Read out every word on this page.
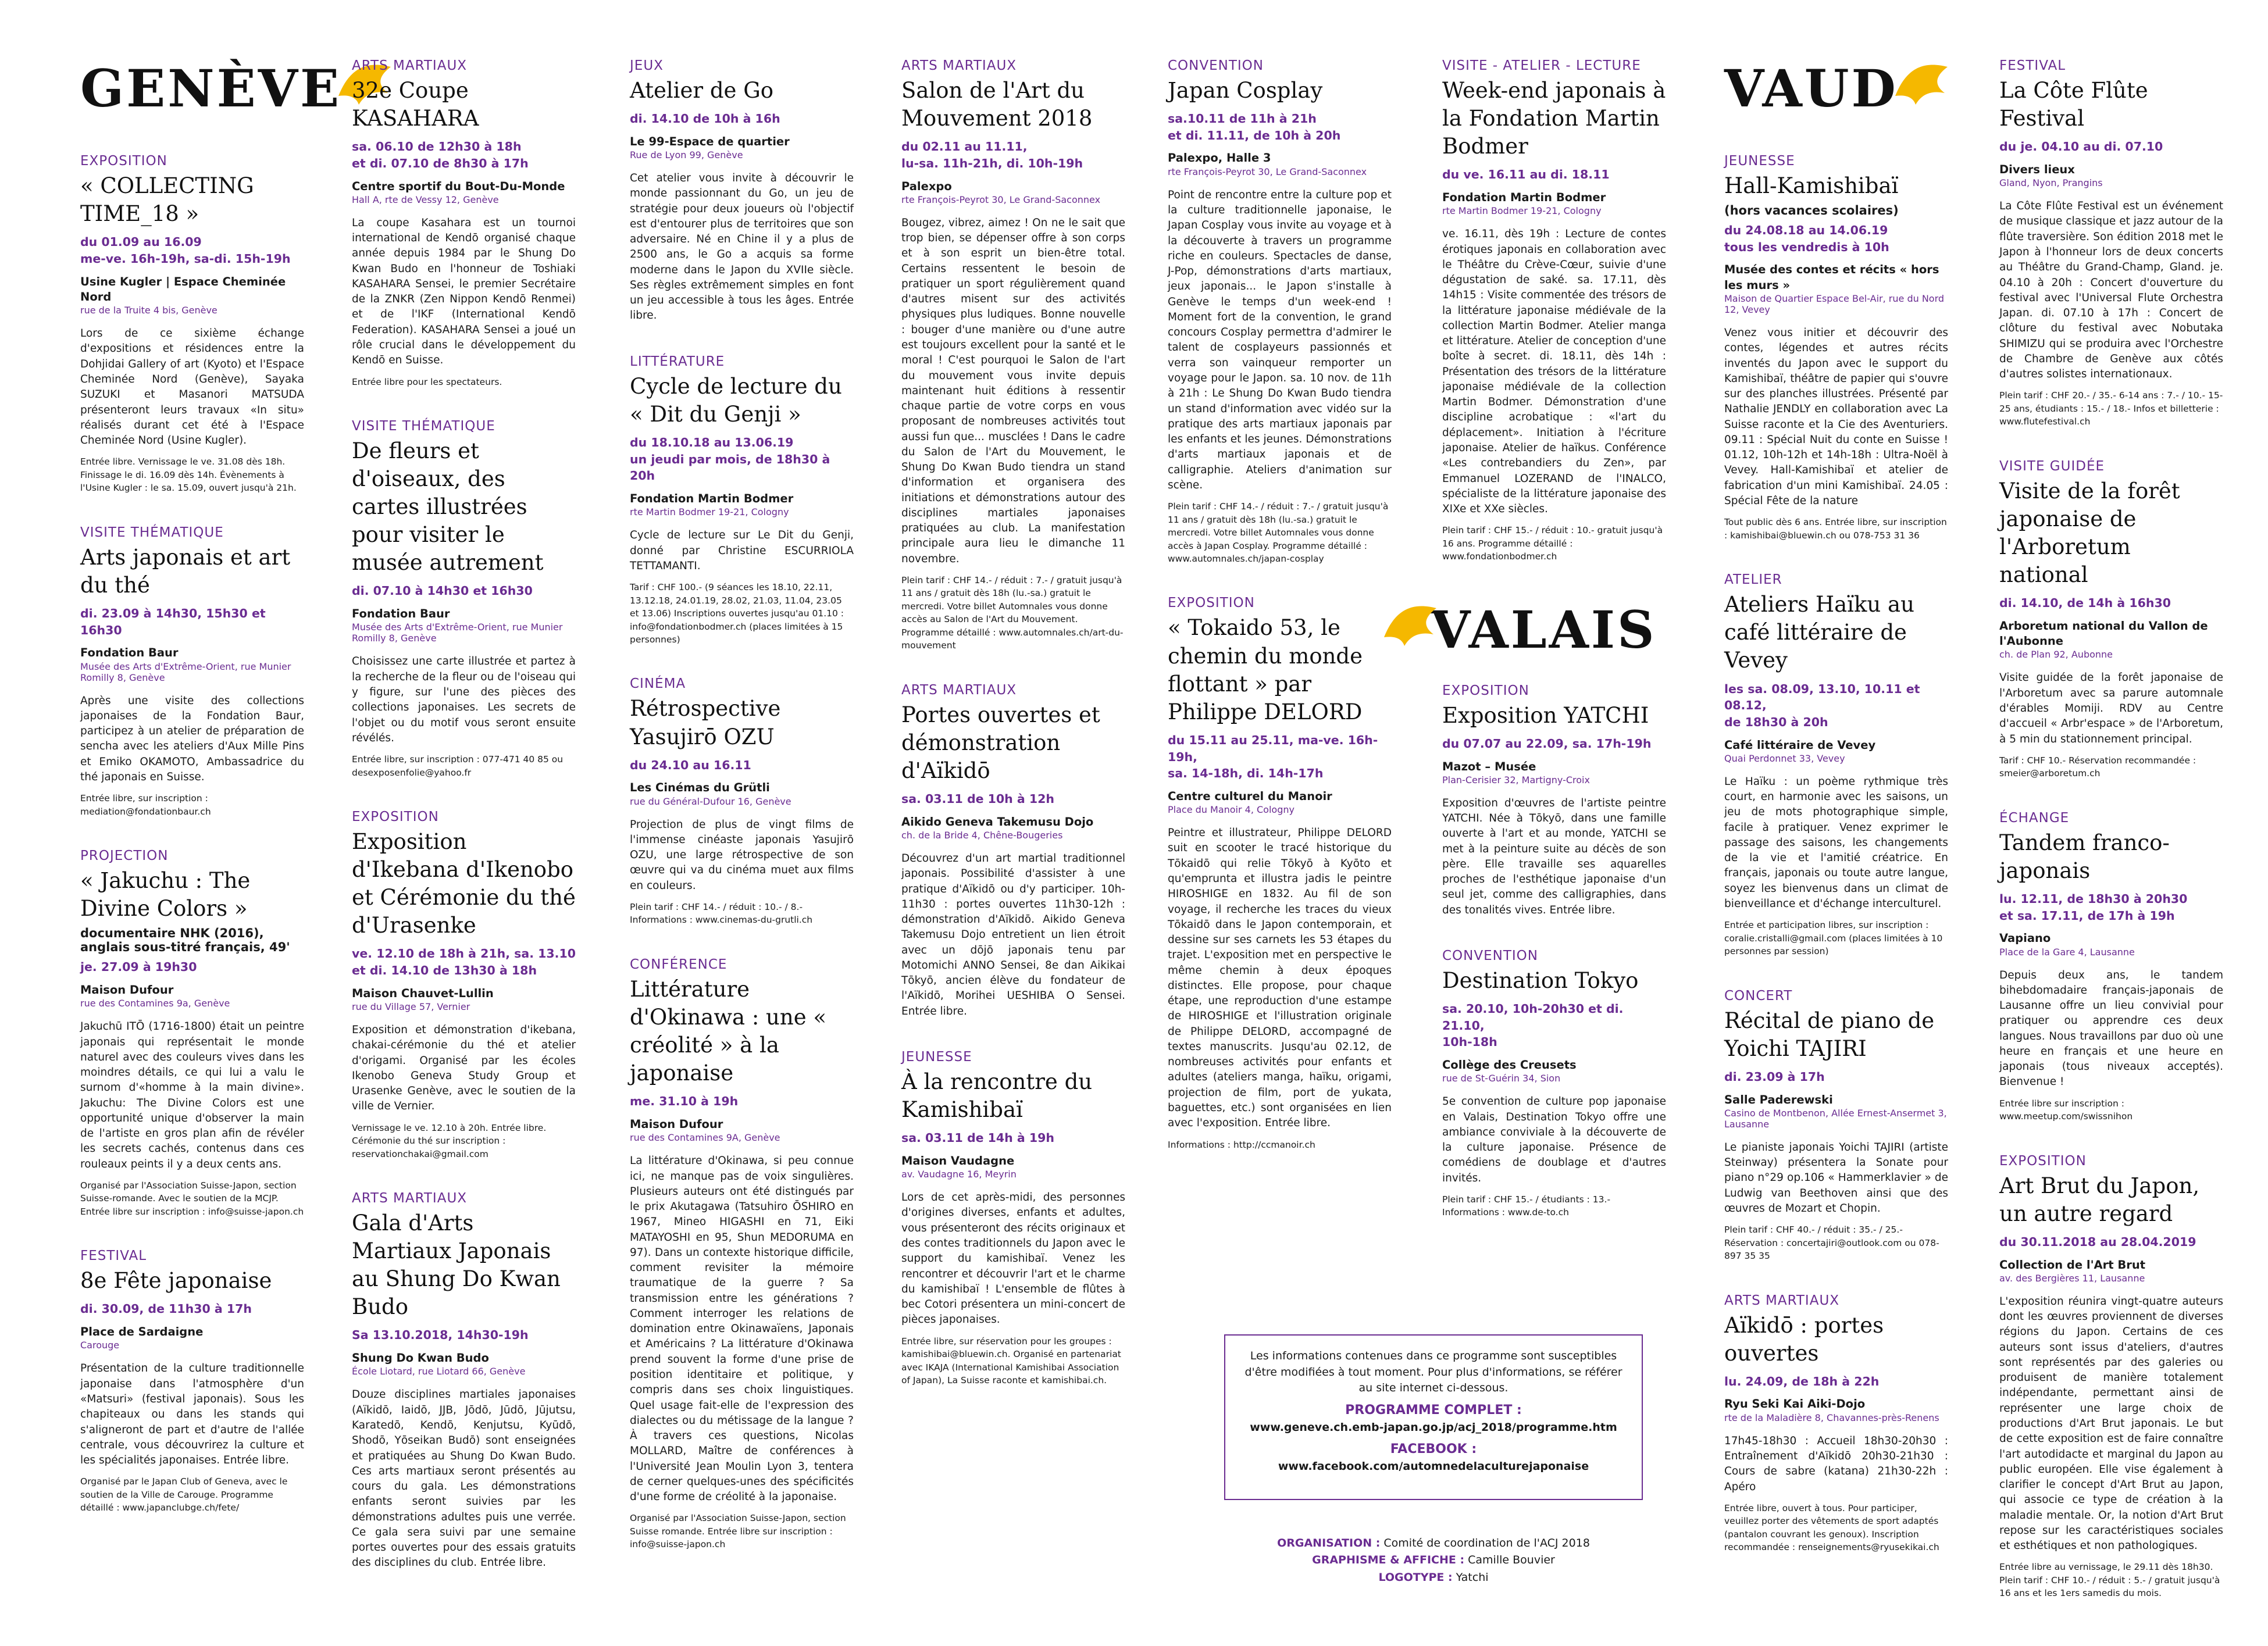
GENÈVE
EXPOSITION
« COLLECTING TIME_18 »
du 01.09 au 16.09
me-ve. 16h-19h, sa-di. 15h-19h
Usine Kugler | Espace Cheminée Nord
rue de la Truite 4 bis, Genève
Lors de ce sixième échange d'expositions et résidences entre la Dohjidai Gallery of art (Kyoto) et l'Espace Cheminée Nord (Genève), Sayaka SUZUKI et Masanori MATSUDA présenteront leurs travaux «In situ» réalisés durant cet été à l'Espace Cheminée Nord (Usine Kugler).
Entrée libre. Vernissage le ve. 31.08 dès 18h. Finissage le di. 16.09 dès 14h. Évènements à l'Usine Kugler : le sa. 15.09, ouvert jusqu'à 21h.
VISITE THÉMATIQUE
Arts japonais et art du thé
di. 23.09 à 14h30, 15h30 et 16h30
Fondation Baur
Musée des Arts d'Extrême-Orient, rue Munier Romilly 8, Genève
Après une visite des collections japonaises de la Fondation Baur, participez à un atelier de préparation de sencha avec les ateliers d'Aux Mille Pins et Emiko OKAMOTO, Ambassadrice du thé japonais en Suisse.
Entrée libre, sur inscription :
mediation@fondationbaur.ch
PROJECTION
« Jakuchu : The Divine Colors »
documentaire NHK (2016), anglais sous-titré français, 49'
je. 27.09 à 19h30
Maison Dufour
rue des Contamines 9a, Genève
Jakuchū ITŌ (1716-1800) était un peintre japonais qui représentait le monde naturel avec des couleurs vives dans les moindres détails, ce qui lui a valu le surnom d'«homme à la main divine». Jakuchu: The Divine Colors est une opportunité unique d'observer la main de l'artiste en gros plan afin de révéler les secrets cachés, contenus dans ces rouleaux peints il y a deux cents ans.
Organisé par l'Association Suisse-Japon, section Suisse-romande. Avec le soutien de la MCJP. Entrée libre sur inscription : info@suisse-japon.ch
FESTIVAL
8e Fête japonaise
di. 30.09, de 11h30 à 17h
Place de Sardaigne
Carouge
Présentation de la culture traditionnelle japonaise dans l'atmosphère d'un «Matsuri» (festival japonais). Sous les chapiteaux ou dans les stands qui s'aligneront de part et d'autre de l'allée centrale, vous découvrirez la culture et les spécialités japonaises. Entrée libre.
Organisé par le Japan Club of Geneva, avec le soutien de la Ville de Carouge. Programme détaillé : www.japanclubge.ch/fete/
ARTS MARTIAUX
32e Coupe KASAHARA
sa. 06.10 de 12h30 à 18h
et di. 07.10 de 8h30 à 17h
Centre sportif du Bout-Du-Monde
Hall A, rte de Vessy 12, Genève
La coupe Kasahara est un tournoi international de Kendō organisé chaque année depuis 1984 par le Shung Do Kwan Budo en l'honneur de Toshiaki KASAHARA Sensei, le premier Secrétaire de la ZNKR (Zen Nippon Kendō Renmei) et de l'IKF (International Kendō Federation). KASAHARA Sensei a joué un rôle crucial dans le développement du Kendō en Suisse.
Entrée libre pour les spectateurs.
VISITE THÉMATIQUE
De fleurs et d'oiseaux, des cartes illustrées pour visiter le musée autrement
di. 07.10 à 14h30 et 16h30
Fondation Baur
Musée des Arts d'Extrême-Orient, rue Munier Romilly 8, Genève
Choisissez une carte illustrée et partez à la recherche de la fleur ou de l'oiseau qui y figure, sur l'une des pièces des collections japonaises. Les secrets de l'objet ou du motif vous seront ensuite révélés.
Entrée libre, sur inscription : 077-471 40 85 ou desexposenfolie@yahoo.fr
EXPOSITION
Exposition d'Ikebana d'Ikenobo et Cérémonie du thé d'Urasenke
ve. 12.10 de 18h à 21h, sa. 13.10 et di. 14.10 de 13h30 à 18h
Maison Chauvet-Lullin
rue du Village 57, Vernier
Exposition et démonstration d'ikebana, chakai-cérémonie du thé et atelier d'origami. Organisé par les écoles Ikenobo Geneva Study Group et Urasenke Genève, avec le soutien de la ville de Vernier.
Vernissage le ve. 12.10 à 20h. Entrée libre. Cérémonie du thé sur inscription : reservationchakai@gmail.com
ARTS MARTIAUX
Gala d'Arts Martiaux Japonais au Shung Do Kwan Budo
Sa 13.10.2018, 14h30-19h
Shung Do Kwan Budo
École Liotard, rue Liotard 66, Genève
Douze disciplines martiales japonaises (Aïkidō, Iaidō, JJB, Jōdō, Jūdō, Jūjutsu, Karatedō, Kendō, Kenjutsu, Kyūdō, Shodō, Yōseikan Budō) sont enseignées et pratiquées au Shung Do Kwan Budo. Ces arts martiaux seront présentés au cours du gala. Les démonstrations enfants seront suivies par les démonstrations adultes puis une verrée. Ce gala sera suivi par une semaine portes ouvertes pour des essais gratuits des disciplines du club. Entrée libre.
JEUX
Atelier de Go
di. 14.10 de 10h à 16h
Le 99-Espace de quartier
Rue de Lyon 99, Genève
Cet atelier vous invite à découvrir le monde passionnant du Go, un jeu de stratégie pour deux joueurs où l'objectif est d'entourer plus de territoires que son adversaire. Né en Chine il y a plus de 2500 ans, le Go a acquis sa forme moderne dans le Japon du XVIIe siècle. Ses règles extrêmement simples en font un jeu accessible à tous les âges. Entrée libre.
LITTÉRATURE
Cycle de lecture du « Dit du Genji »
du 18.10.18 au 13.06.19
un jeudi par mois, de 18h30 à 20h
Fondation Martin Bodmer
rte Martin Bodmer 19-21, Cologny
Cycle de lecture sur Le Dit du Genji, donné par Christine ESCURRIOLA TETTAMANTI.
Tarif : CHF 100.- (9 séances les 18.10, 22.11, 13.12.18, 24.01.19, 28.02, 21.03, 11.04, 23.05 et 13.06) Inscriptions ouvertes jusqu'au 01.10 : info@fondationbodmer.ch (places limitées à 15 personnes)
CINÉMA
Rétrospective Yasujirō OZU
du 24.10 au 16.11
Les Cinémas du Grütli
rue du Général-Dufour 16, Genève
Projection de plus de vingt films de l'immense cinéaste japonais Yasujirō OZU, une large rétrospective de son œuvre qui va du cinéma muet aux films en couleurs.
Plein tarif : CHF 14.- / réduit : 10.- / 8.- Informations : www.cinemas-du-grutli.ch
CONFÉRENCE
Littérature d'Okinawa : une « créolité » à la japonaise
me. 31.10 à 19h
Maison Dufour
rue des Contamines 9A, Genève
La littérature d'Okinawa, si peu connue ici, ne manque pas de voix singulières. Plusieurs auteurs ont été distingués par le prix Akutagawa (Tatsuhiro ŌSHIRO en 1967, Mineo HIGASHI en 71, Eiki MATAYOSHI en 95, Shun MEDORUMA en 97). Dans un contexte historique difficile, comment revisiter la mémoire traumatique de la guerre ? Sa transmission entre les générations ? Comment interroger les relations de domination entre Okinawaïens, Japonais et Américains ? La littérature d'Okinawa prend souvent la forme d'une prise de position identitaire et politique, y compris dans ses choix linguistiques. Quel usage fait-elle de l'expression des dialectes ou du métissage de la langue ? À travers ces questions, Nicolas MOLLARD, Maître de conférences à l'Université Jean Moulin Lyon 3, tentera de cerner quelques-unes des spécificités d'une forme de créolité à la japonaise.
Organisé par l'Association Suisse-Japon, section Suisse romande. Entrée libre sur inscription : info@suisse-japon.ch
ARTS MARTIAUX
Salon de l'Art du Mouvement 2018
du 02.11 au 11.11,
lu-sa. 11h-21h, di. 10h-19h
Palexpo
rte François-Peyrot 30, Le Grand-Saconnex
Bougez, vibrez, aimez ! On ne le sait que trop bien, se dépenser offre à son corps et à son esprit un bien-être total. Certains ressentent le besoin de pratiquer un sport régulièrement quand d'autres misent sur des activités physiques plus ludiques. Bonne nouvelle : bouger d'une manière ou d'une autre est toujours excellent pour la santé et le moral ! C'est pourquoi le Salon de l'art du mouvement vous invite depuis maintenant huit éditions à ressentir chaque partie de votre corps en vous proposant de nombreuses activités tout aussi fun que... musclées ! Dans le cadre du Salon de l'Art du Mouvement, le Shung Do Kwan Budo tiendra un stand d'information et organisera des initiations et démonstrations autour des disciplines martiales japonaises pratiquées au club. La manifestation principale aura lieu le dimanche 11 novembre.
Plein tarif : CHF 14.- / réduit : 7.- / gratuit jusqu'à 11 ans / gratuit dès 18h (lu.-sa.) gratuit le mercredi. Votre billet Automnales vous donne accès au Salon de l'Art du Mouvement. Programme détaillé : www.automnales.ch/art-du-mouvement
ARTS MARTIAUX
Portes ouvertes et démonstration d'Aïkidō
sa. 03.11 de 10h à 12h
Aikido Geneva Takemusu Dojo
ch. de la Bride 4, Chêne-Bougeries
Découvrez d'un art martial traditionnel japonais. Possibilité d'assister à une pratique d'Aïkidō ou d'y participer. 10h-11h30 : portes ouvertes 11h30-12h : démonstration d'Aïkidō. Aikido Geneva Takemusu Dojo entretient un lien étroit avec un dōjō japonais tenu par Motomichi ANNO Sensei, 8e dan Aikikai Tōkyō, ancien élève du fondateur de l'Aïkidō, Morihei UESHIBA O Sensei. Entrée libre.
JEUNESSE
À la rencontre du Kamishibaï
sa. 03.11 de 14h à 19h
Maison Vaudagne
av. Vaudagne 16, Meyrin
Lors de cet après-midi, des personnes d'origines diverses, enfants et adultes, vous présenteront des récits originaux et des contes traditionnels du Japon avec le support du kamishibaï. Venez les rencontrer et découvrir l'art et le charme du kamishibaï ! L'ensemble de flûtes à bec Cotori présentera un mini-concert de pièces japonaises.
Entrée libre, sur réservation pour les groupes : kamishibai@bluewin.ch. Organisé en partenariat avec IKAJA (International Kamishibai Association of Japan), La Suisse raconte et kamishibai.ch.
CONVENTION
Japan Cosplay
sa.10.11 de 11h à 21h
et di. 11.11, de 10h à 20h
Palexpo, Halle 3
rte François-Peyrot 30, Le Grand-Saconnex
Point de rencontre entre la culture pop et la culture traditionnelle japonaise, le Japan Cosplay vous invite au voyage et à la découverte à travers un programme riche en couleurs. Spectacles de danse, J-Pop, démonstrations d'arts martiaux, jeux japonais... le Japon s'installe à Genève le temps d'un week-end ! Moment fort de la convention, le grand concours Cosplay permettra d'admirer le talent de cosplayeurs passionnés et verra son vainqueur remporter un voyage pour le Japon. sa. 10 nov. de 11h à 21h : Le Shung Do Kwan Budo tiendra un stand d'information avec vidéo sur la pratique des arts martiaux japonais par les enfants et les jeunes. Démonstrations d'arts martiaux japonais et de calligraphie. Ateliers d'animation sur scène.
Plein tarif : CHF 14.- / réduit : 7.- / gratuit jusqu'à 11 ans / gratuit dès 18h (lu.-sa.) gratuit le mercredi. Votre billet Automnales vous donne accès à Japan Cosplay. Programme détaillé : www.automnales.ch/japan-cosplay
EXPOSITION
« Tokaido 53, le chemin du monde flottant » par Philippe DELORD
du 15.11 au 25.11, ma-ve. 16h-19h,
sa. 14-18h, di. 14h-17h
Centre culturel du Manoir
Place du Manoir 4, Cologny
Peintre et illustrateur, Philippe DELORD suit en scooter le tracé historique du Tōkaidō qui relie Tōkyō à Kyōto et qu'emprunta et illustra jadis le peintre HIROSHIGE en 1832. Au fil de son voyage, il recherche les traces du vieux Tōkaidō dans le Japon contemporain, et dessine sur ses carnets les 53 étapes du trajet. L'exposition met en perspective le même chemin à deux époques distinctes. Elle propose, pour chaque étape, une reproduction d'une estampe de HIROSHIGE et l'illustration originale de Philippe DELORD, accompagné de textes manuscrits. Jusqu'au 02.12, de nombreuses activités pour enfants et adultes (ateliers manga, haïku, origami, projection de film, port de yukata, baguettes, etc.) sont organisées en lien avec l'exposition. Entrée libre.
Informations : http://ccmanoir.ch
VISITE - ATELIER - LECTURE
Week-end japonais à la Fondation Martin Bodmer
du ve. 16.11 au di. 18.11
Fondation Martin Bodmer
rte Martin Bodmer 19-21, Cologny
ve. 16.11, dès 19h : Lecture de contes érotiques japonais en collaboration avec le Théâtre du Crève-Cœur, suivie d'une dégustation de saké. sa. 17.11, dès 14h15 : Visite commentée des trésors de la littérature japonaise médiévale de la collection Martin Bodmer. Atelier manga et littérature. Atelier de conception d'une boîte à secret. di. 18.11, dès 14h : Présentation des trésors de la littérature japonaise médiévale de la collection Martin Bodmer. Démonstration d'une discipline acrobatique : «l'art du déplacement». Initiation à l'écriture japonaise. Atelier de haïkus. Conférence «Les contrebandiers du Zen», par Emmanuel LOZERAND de l'INALCO, spécialiste de la littérature japonaise des XIXe et XXe siècles.
Plein tarif : CHF 15.- / réduit : 10.- gratuit jusqu'à 16 ans. Programme détaillé : www.fondationbodmer.ch
VALAIS
EXPOSITION
Exposition YATCHI
du 07.07 au 22.09, sa. 17h-19h
Mazot – Musée
Plan-Cerisier 32, Martigny-Croix
Exposition d'œuvres de l'artiste peintre YATCHI. Née à Tōkyō, dans une famille ouverte à l'art et au monde, YATCHI se met à la peinture suite au décès de son père. Elle travaille ses aquarelles proches de l'esthétique japonaise d'un seul jet, comme des calligraphies, dans des tonalités vives. Entrée libre.
CONVENTION
Destination Tokyo
sa. 20.10, 10h-20h30 et di. 21.10,
10h-18h
Collège des Creusets
rue de St-Guérin 34, Sion
5e convention de culture pop japonaise en Valais, Destination Tokyo offre une ambiance conviviale à la découverte de la culture japonaise. Présence de comédiens de doublage et d'autres invités.
Plein tarif : CHF 15.- / étudiants : 13.- Informations : www.de-to.ch
VAUD
JEUNESSE
Hall-Kamishibaï
(hors vacances scolaires)
du 24.08.18 au 14.06.19
tous les vendredis à 10h
Musée des contes et récits « hors les murs »
Maison de Quartier Espace Bel-Air, rue du Nord 12, Vevey
Venez vous initier et découvrir des contes, légendes et autres récits inventés du Japon avec le support du Kamishibaï, théâtre de papier qui s'ouvre sur des planches illustrées. Présenté par Nathalie JENDLY en collaboration avec La Suisse raconte et la Cie des Aventuriers. 09.11 : Spécial Nuit du conte en Suisse ! 01.12, 10h-12h et 14h-18h : Ultra-Noël à Vevey. Hall-Kamishibaï et atelier de fabrication d'un mini Kamishibaï. 24.05 : Spécial Fête de la nature
Tout public dès 6 ans. Entrée libre, sur inscription : kamishibai@bluewin.ch ou 078-753 31 36
ATELIER
Ateliers Haïku au café littéraire de Vevey
les sa. 08.09, 13.10, 10.11 et 08.12,
de 18h30 à 20h
Café littéraire de Vevey
Quai Perdonnet 33, Vevey
Le Haïku : un poème rythmique très court, en harmonie avec les saisons, un jeu de mots photographique simple, facile à pratiquer. Venez exprimer le passage des saisons, les changements de la vie et l'amitié créatrice. En français, japonais ou toute autre langue, soyez les bienvenus dans un climat de bienveillance et d'échange interculturel.
Entrée et participation libres, sur inscription : coralie.cristalli@gmail.com (places limitées à 10 personnes par session)
CONCERT
Récital de piano de Yoichi TAJIRI
di. 23.09 à 17h
Salle Paderewski
Casino de Montbenon, Allée Ernest-Ansermet 3, Lausanne
Le pianiste japonais Yoichi TAJIRI (artiste Steinway) présentera la Sonate pour piano n°29 op.106 « Hammerklavier » de Ludwig van Beethoven ainsi que des œuvres de Mozart et Chopin.
Plein tarif : CHF 40.- / réduit : 35.- / 25.- Réservation : concertajiri@outlook.com ou 078-897 35 35
ARTS MARTIAUX
Aïkidō : portes ouvertes
lu. 24.09, de 18h à 22h
Ryu Seki Kai Aiki-Dojo
rte de la Maladière 8, Chavannes-près-Renens
17h45-18h30 : Accueil 18h30-20h30 : Entraînement d'Aïkidō 20h30-21h30 : Cours de sabre (katana) 21h30-22h : Apéro
Entrée libre, ouvert à tous. Pour participer, veuillez porter des vêtements de sport adaptés (pantalon couvrant les genoux). Inscription recommandée : renseignements@ryusekikai.ch
FESTIVAL
La Côte Flûte Festival
du je. 04.10 au di. 07.10
Divers lieux
Gland, Nyon, Prangins
La Côte Flûte Festival est un événement de musique classique et jazz autour de la flûte traversière. Son édition 2018 met le Japon à l'honneur lors de deux concerts au Théâtre du Grand-Champ, Gland. je. 04.10 à 20h : Concert d'ouverture du festival avec l'Universal Flute Orchestra Japan. di. 07.10 à 17h : Concert de clôture du festival avec Nobutaka SHIMIZU qui se produira avec l'Orchestre de Chambre de Genève aux côtés d'autres solistes internationaux.
Plein tarif : CHF 20.- / 35.- 6-14 ans : 7.- / 10.- 15-25 ans, étudiants : 15.- / 18.- Infos et billetterie : www.flutefestival.ch
VISITE GUIDÉE
Visite de la forêt japonaise de l'Arboretum national
di. 14.10, de 14h à 16h30
Arboretum national du Vallon de l'Aubonne
ch. de Plan 92, Aubonne
Visite guidée de la forêt japonaise de l'Arboretum avec sa parure automnale d'érables Momiji. RDV au Centre d'accueil « Arbr'espace » de l'Arboretum, à 5 min du stationnement principal.
Tarif : CHF 10.- Réservation recommandée : smeier@arboretum.ch
ÉCHANGE
Tandem franco-japonais
lu. 12.11, de 18h30 à 20h30
et sa. 17.11, de 17h à 19h
Vapiano
Place de la Gare 4, Lausanne
Depuis deux ans, le tandem bihebdomadaire français-japonais de Lausanne offre un lieu convivial pour pratiquer ou apprendre ces deux langues. Nous travaillons par duo où une heure en français et une heure en japonais (tous niveaux acceptés). Bienvenue !
Entrée libre sur inscription : www.meetup.com/swissnihon
EXPOSITION
Art Brut du Japon, un autre regard
du 30.11.2018 au 28.04.2019
Collection de l'Art Brut
av. des Bergières 11, Lausanne
L'exposition réunira vingt-quatre auteurs dont les œuvres proviennent de diverses régions du Japon. Certains de ces auteurs sont issus d'ateliers, d'autres sont représentés par des galeries ou produisent de manière totalement indépendante, permettant ainsi de représenter une large choix de productions d'Art Brut japonais. Le but de cette exposition est de faire connaître l'art autodidacte et marginal du Japon au public européen. Elle vise également à clarifier le concept d'Art Brut au Japon, qui associe ce type de création à la maladie mentale. Or, la notion d'Art Brut repose sur les caractéristiques sociales et esthétiques et non pathologiques.
Entrée libre au vernissage, le 29.11 dès 18h30. Plein tarif : CHF 10.- / réduit : 5.- / gratuit jusqu'à 16 ans et les 1ers samedis du mois.
Les informations contenues dans ce programme sont susceptibles d'être modifiées à tout moment. Pour plus d'informations, se référer au site internet ci-dessous.
PROGRAMME COMPLET :
www.geneve.ch.emb-japan.go.jp/acj_2018/programme.htm
FACEBOOK :
www.facebook.com/automnedelaculturejaponaise
ORGANISATION : Comité de coordination de l'ACJ 2018
GRAPHISME & AFFICHE : Camille Bouvier
LOGOTYPE : Yatchi
